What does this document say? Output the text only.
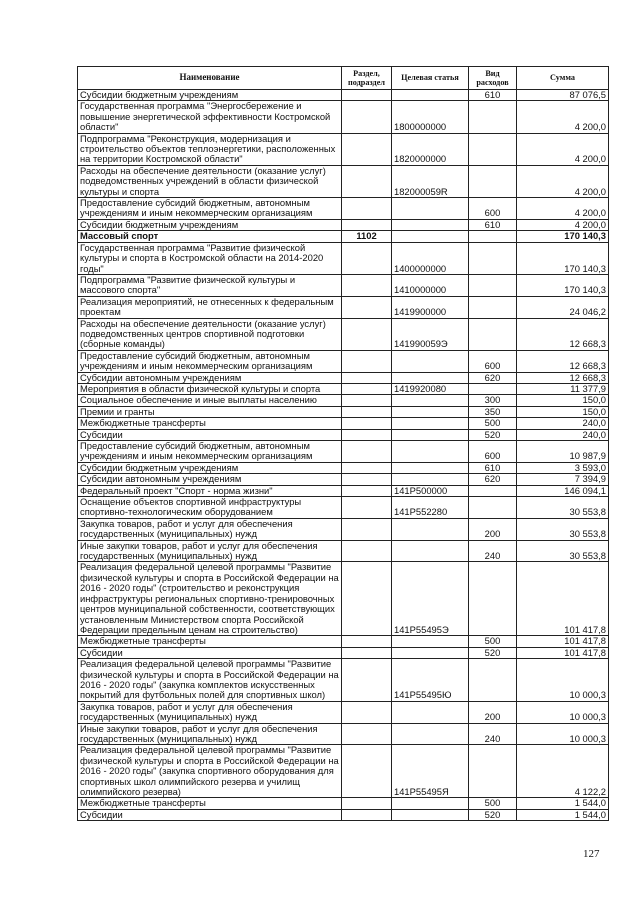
Наименование	Раздел, подраздел	Целевая статья	Вид расходов	Сумма
Субсидии бюджетным учреждениям			610	87 076,5
Государственная программа "Энергосбережение и повышение энергетической эффективности Костромской области"		1800000000		4 200,0
Подпрограмма "Реконструкция, модернизация и строительство объектов теплоэнергетики, расположенных на территории Костромской области"		1820000000		4 200,0
Расходы на обеспечение деятельности (оказание услуг) подведомственных учреждений в области физической культуры и спорта		182000059R		4 200,0
Предоставление субсидий бюджетным, автономным учреждениям и иным некоммерческим организациям			600	4 200,0
Субсидии бюджетным учреждениям			610	4 200,0
Массовый спорт	1102			170 140,3
Государственная программа "Развитие физической культуры и спорта в Костромской области на 2014-2020 годы"		1400000000		170 140,3
Подпрограмма "Развитие физической культуры и массового спорта"		1410000000		170 140,3
Реализация мероприятий, не отнесенных к федеральным проектам		1419900000		24 046,2
Расходы на обеспечение деятельности (оказание услуг) подведомственных центров спортивной подготовки (сборные команды)		141990059Э		12 668,3
Предоставление субсидий бюджетным, автономным учреждениям и иным некоммерческим организациям			600	12 668,3
Субсидии автономным учреждениям			620	12 668,3
Мероприятия в области физической культуры и спорта		1419920080		11 377,9
Социальное обеспечение и иные выплаты населению			300	150,0
Премии и гранты			350	150,0
Межбюджетные трансферты			500	240,0
Субсидии			520	240,0
Предоставление субсидий бюджетным, автономным учреждениям и иным некоммерческим организациям			600	10 987,9
Субсидии бюджетным учреждениям			610	3 593,0
Субсидии автономным учреждениям			620	7 394,9
Федеральный проект "Спорт - норма жизни"		141P500000		146 094,1
Оснащение объектов спортивной инфраструктуры спортивно-технологическим оборудованием		141P552280		30 553,8
Закупка товаров, работ и услуг для обеспечения государственных (муниципальных) нужд			200	30 553,8
Иные закупки товаров, работ и услуг для обеспечения государственных (муниципальных) нужд			240	30 553,8
Реализация федеральной целевой программы "Развитие физической культуры и спорта в Российской Федерации на 2016 - 2020 годы" (строительство и реконструкция инфраструктуры региональных спортивно-тренировочных центров муниципальной собственности, соответствующих установленным Министерством спорта Российской Федерации предельным ценам на строительство)		141P55495Э		101 417,8
Межбюджетные трансферты			500	101 417,8
Субсидии			520	101 417,8
Реализация федеральной целевой программы "Развитие физической культуры и спорта в Российской Федерации на 2016 - 2020 годы" (закупка комплектов искусственных покрытий для футбольных полей для спортивных школ)		141P55495Ю		10 000,3
Закупка товаров, работ и услуг для обеспечения государственных (муниципальных) нужд			200	10 000,3
Иные закупки товаров, работ и услуг для обеспечения государственных (муниципальных) нужд			240	10 000,3
Реализация федеральной целевой программы "Развитие физической культуры и спорта в Российской Федерации на 2016 - 2020 годы" (закупка спортивного оборудования для спортивных школ олимпийского резерва и училищ олимпийского резерва)		141P55495Я		4 122,2
Межбюджетные трансферты			500	1 544,0
Субсидии			520	1 544,0
127
